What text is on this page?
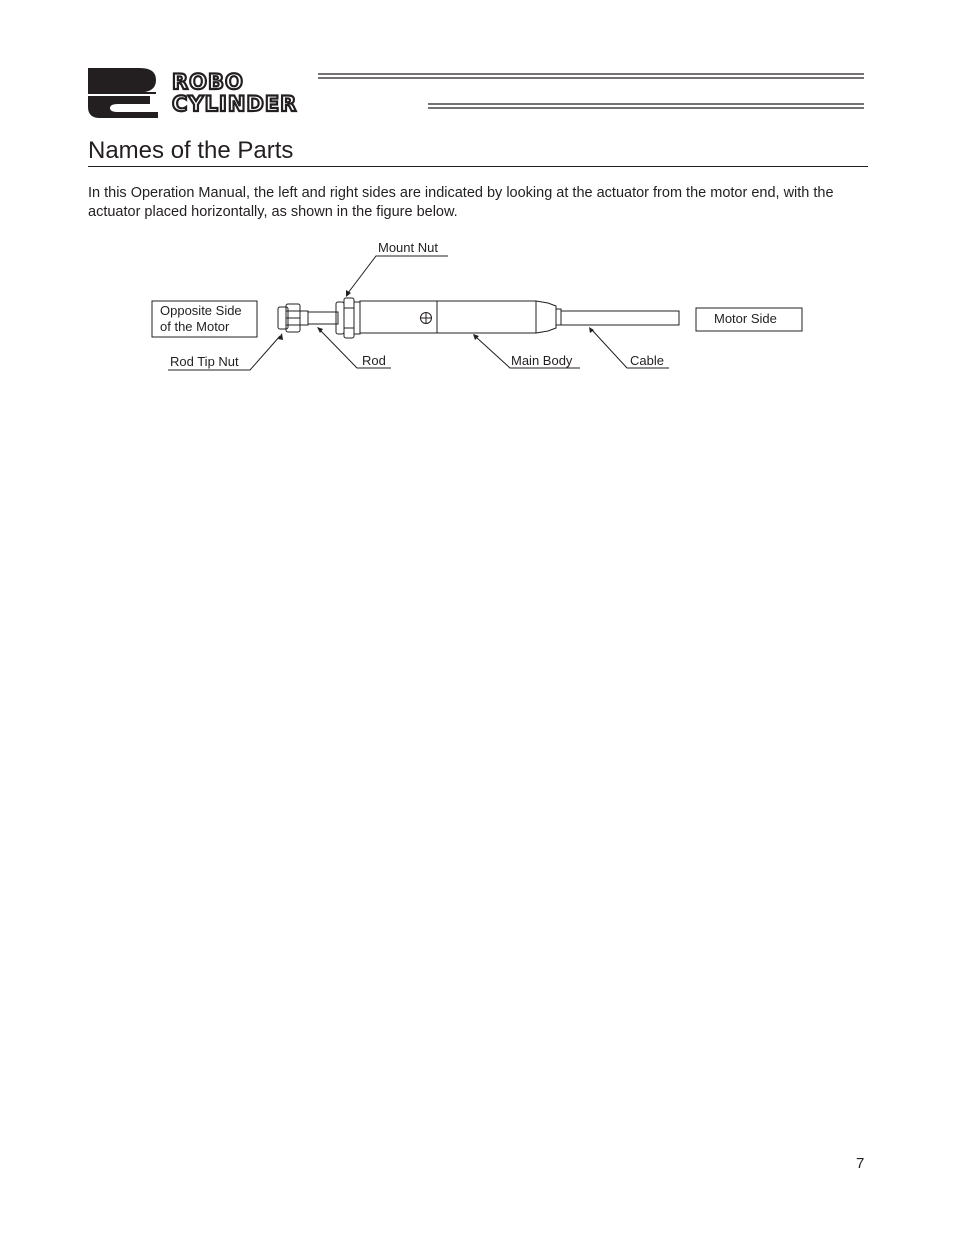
ROBO
CYLINDER
Names of the Parts

In this Operation Manual, the left and right sides are indicated by looking at the actuator from the motor end, with the actuator placed horizontally, as shown in the figure below.

Mount Nut
Opposite Side
of the Motor
Motor Side
Rod Tip Nut	Rod	Main Body	Cable
7
